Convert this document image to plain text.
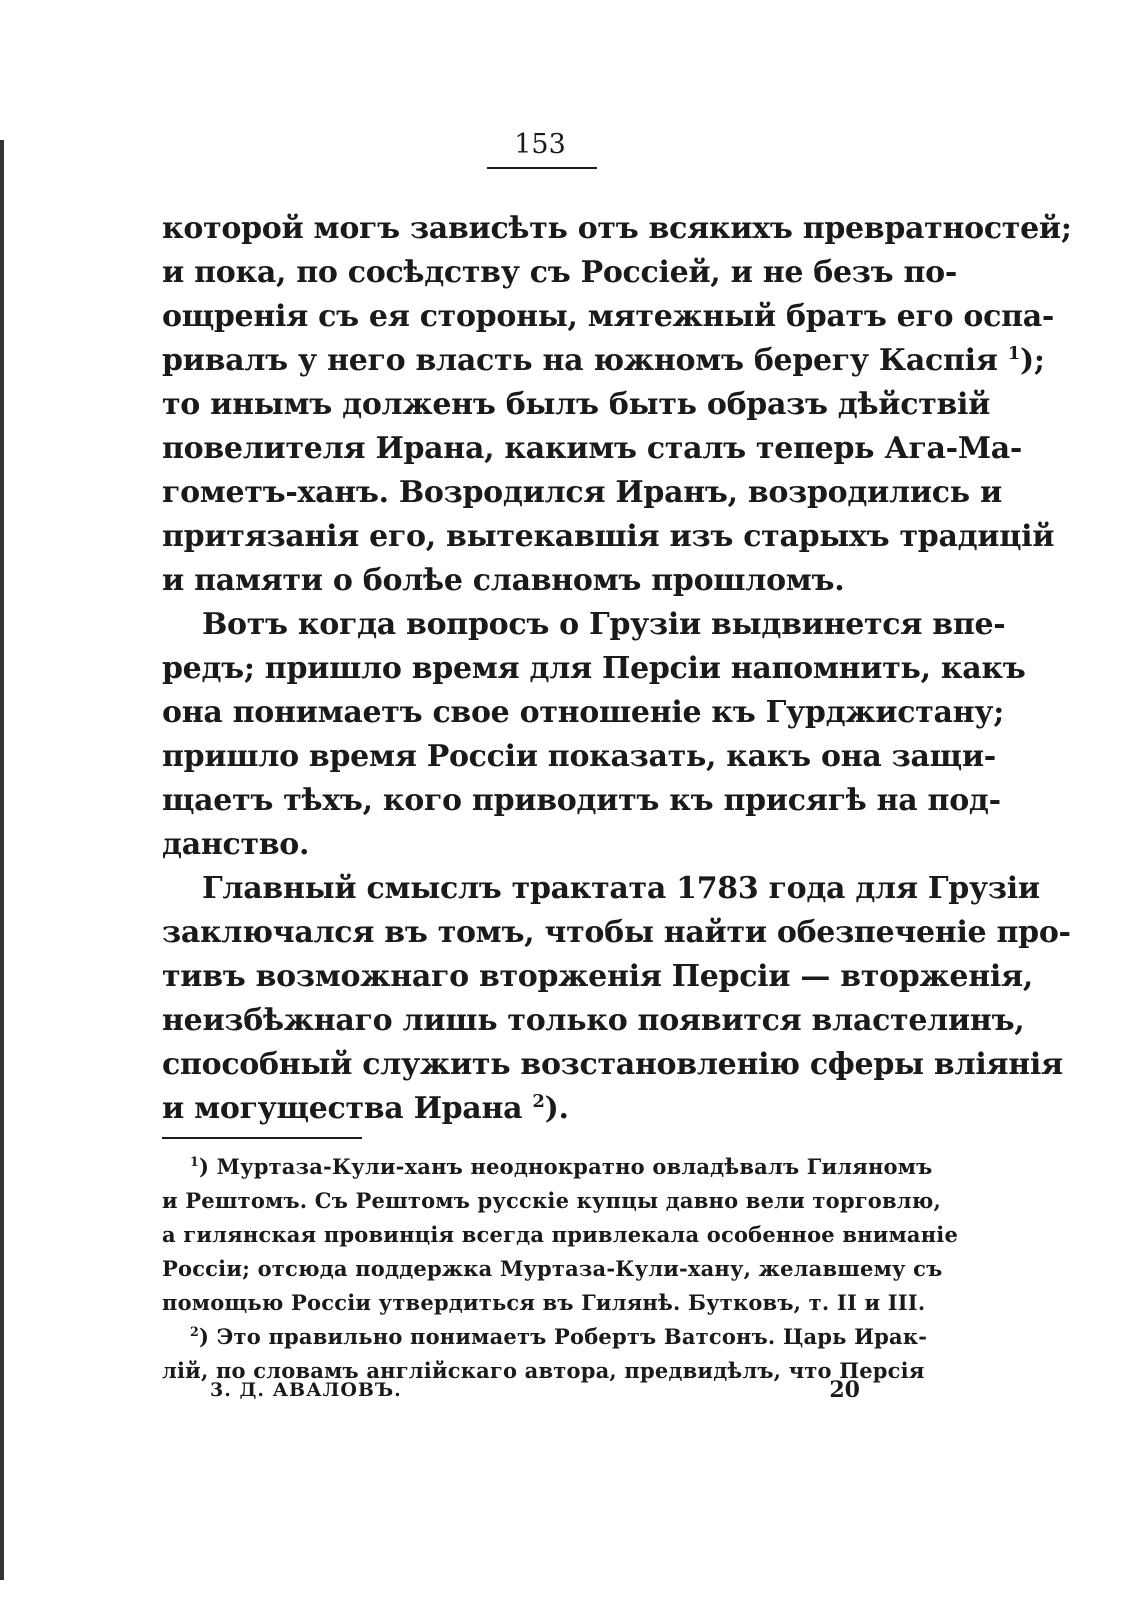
153
которой могъ зависѣть отъ всякихъ превратностей;
и пока, по сосѣдству съ Россіей, и не безъ по-
ощренія съ ея стороны, мятежный братъ его оспа-
ривалъ у него власть на южномъ берегу Каспія $^1$);
то инымъ долженъ былъ быть образъ дѣйствій
повелителя Ирана, какимъ сталъ теперь Ага-Ма-
гометъ-ханъ. Возродился Иранъ, возродились и
притязанія его, вытекавшія изъ старыхъ традицій
и памяти о болѣе славномъ прошломъ.
Вотъ когда вопросъ о Грузіи выдвинется впе-
редъ; пришло время для Персіи напомнить, какъ
она понимаетъ свое отношеніе къ Гурджистану;
пришло время Россіи показать, какъ она защи-
щаетъ тѣхъ, кого приводитъ къ присягѣ на под-
данство.
Главный смыслъ трактата 1783 года для Грузіи
заключался въ томъ, чтобы найти обезпеченіе про-
тивъ возможнаго вторженія Персіи — вторженія,
неизбѣжнаго лишь только появится властелинъ,
способный служить возстановленію сферы вліянія
и могущества Ирана $^2$).
$^1$) Муртаза-Кули-ханъ неоднократно овладѣвалъ Гиляномъ
и Рештомъ. Съ Рештомъ русскіе купцы давно вели торговлю,
а гилянская провинція всегда привлекала особенное вниманіе
Россіи; отсюда поддержка Муртаза-Кули-хану, желавшему съ
помощью Россіи утвердиться въ Гилянѣ. Бутковъ, т. II и III.
$^2$) Это правильно понимаетъ Робертъ Ватсонъ. Царь Ирак-
лій, по словамъ англійскаго автора, предвидѣлъ, что Персія
3. Д. АВАЛОВЪ.	20
